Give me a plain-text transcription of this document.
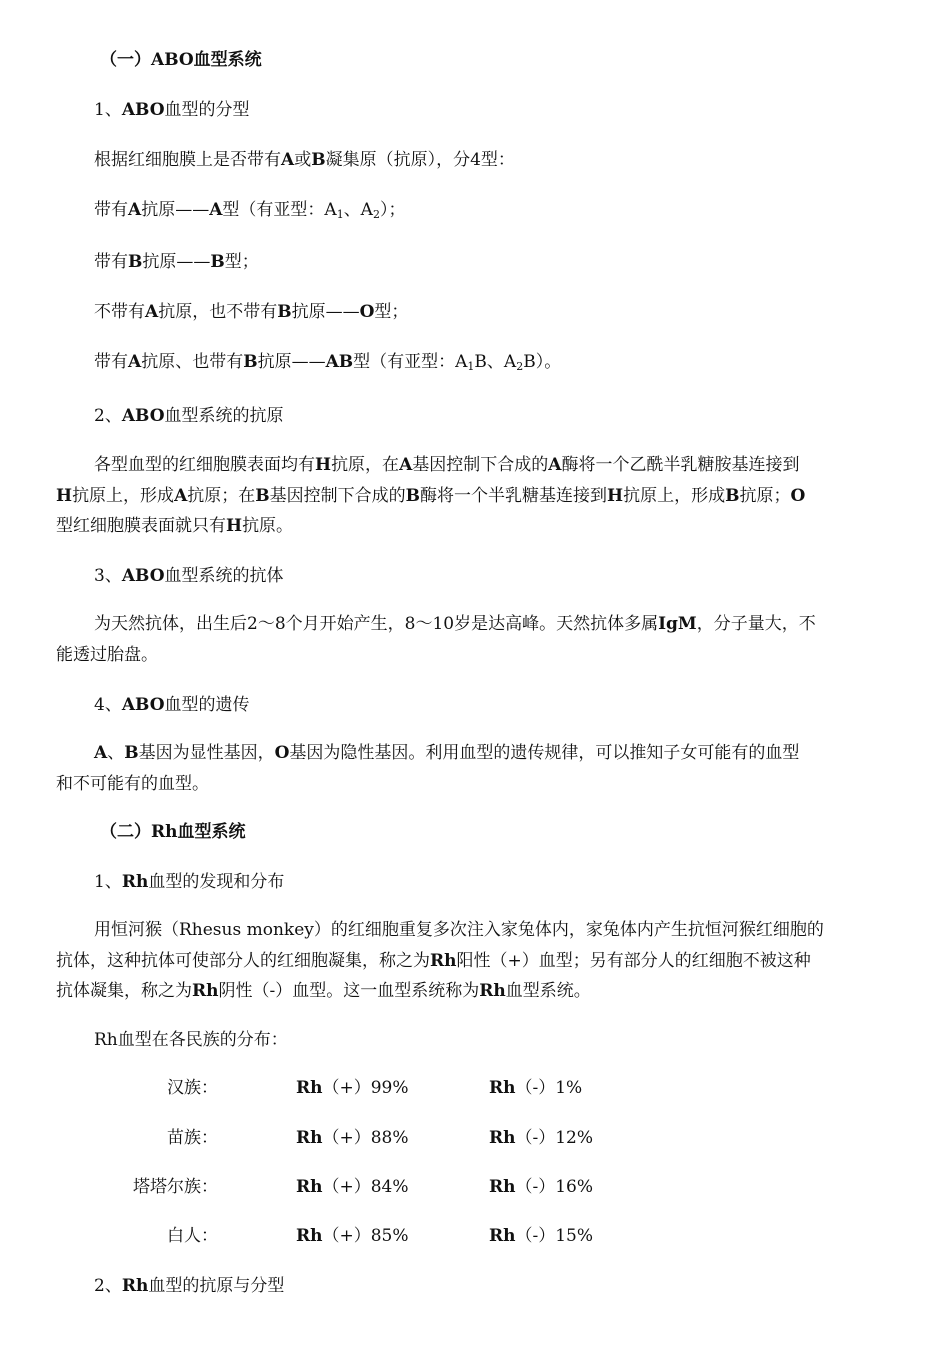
（一）ABO血型系统
1、ABO血型的分型
根据红细胞膜上是否带有A或B凝集原（抗原），分4型：
带有A抗原——A型（有亚型：$A_1$、$A_2$）；
带有B抗原——B型；
不带有A抗原，也不带有B抗原——O型；
带有A抗原、也带有B抗原——AB型（有亚型：$A_1B$、$A_2B$）。
2、ABO血型系统的抗原
各型血型的红细胞膜表面均有H抗原，在A基因控制下合成的A酶将一个乙酰半乳糖胺基连接到
H抗原上，形成A抗原；在B基因控制下合成的B酶将一个半乳糖基连接到H抗原上，形成B抗原；O
型红细胞膜表面就只有H抗原。
3、ABO血型系统的抗体
为天然抗体，出生后2～8个月开始产生，8～10岁是达高峰。天然抗体多属IgM，分子量大，不
能透过胎盘。
4、ABO血型的遗传
A、B基因为显性基因，O基因为隐性基因。利用血型的遗传规律，可以推知子女可能有的血型
和不可能有的血型。
（二）Rh血型系统
1、Rh血型的发现和分布
用恒河猴（Rhesus monkey）的红细胞重复多次注入家兔体内，家兔体内产生抗恒河猴红细胞的
抗体，这种抗体可使部分人的红细胞凝集，称之为Rh阳性（+）血型；另有部分人的红细胞不被这种
抗体凝集，称之为Rh阴性（-）血型。这一血型系统称为Rh血型系统。
Rh血型在各民族的分布：
汉族：	Rh（+）99%	Rh（-）1%
苗族：	Rh（+）88%	Rh（-）12%
塔塔尔族：	Rh（+）84%	Rh（-）16%
白人：	Rh（+）85%	Rh（-）15%
2、Rh血型的抗原与分型
